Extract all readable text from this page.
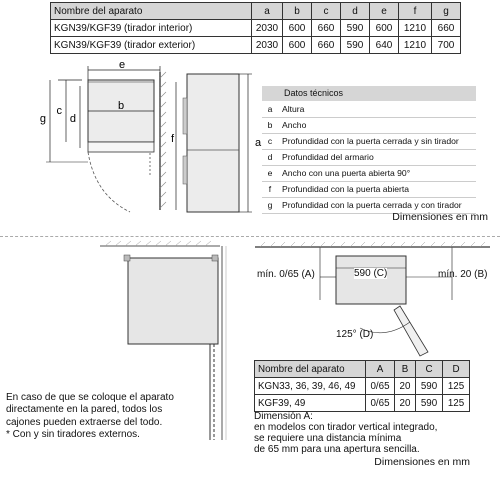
Nombre del aparato	a	b	c	d	e	f	g
KGN39/KGF39 (tirador interior)	2030	600	660	590	600	1210	660
KGN39/KGF39 (tirador exterior)	2030	600	660	590	640	1210	700
e
b
g
c
d
f	a
Datos técnicos
a	Altura
b	Ancho
c	Profundidad con la puerta cerrada y sin tirador
d	Profundidad del armario
e	Ancho con una puerta abierta 90°
f	Profundidad con la puerta abierta
g	Profundidad con la puerta cerrada y con tirador
Dimensiones en mm
En caso de que se coloque el aparato
directamente en la pared, todos los
cajones pueden extraerse del todo.
* Con y sin tiradores externos.
mín. 0/65 (A)	590 (C)	mín. 20 (B)
125° (D)
Nombre del aparato	A	B	C	D
KGN33, 36, 39, 46, 49	0/65	20	590	125
KGF39, 49	0/65	20	590	125
Dimensión A:
en modelos con tirador vertical integrado,
se requiere una distancia mínima
de 65 mm para una apertura sencilla.
Dimensiones en mm
